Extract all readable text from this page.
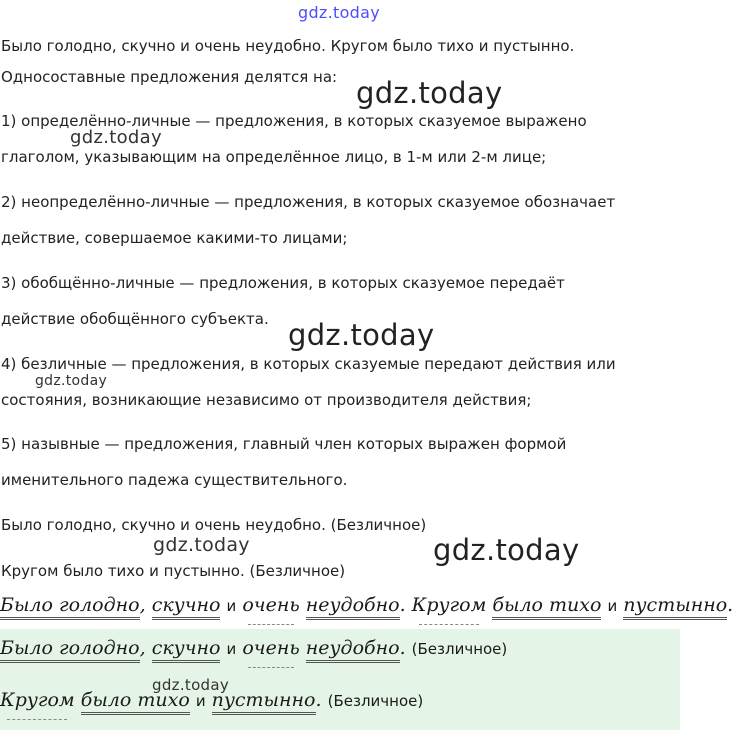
gdz.today
Было голодно, скучно и очень неудобно. Кругом было тихо и пустынно.
Односоставные предложения делятся на: gdz.today
1) определённо-личные — предложения, в которых сказуемое выражено
gdz.today
глаголом, указывающим на определённое лицо, в 1-м или 2-м лице;
2) неопределённо-личные — предложения, в которых сказуемое обозначает
действие, совершаемое какими-то лицами;
3) обобщённо-личные — предложения, в которых сказуемое передаёт
действие обобщённого субъекта. gdz.today
4) безличные — предложения, в которых сказуемые передают действия или
gdz.today
состояния, возникающие независимо от производителя действия;
5) назывные — предложения, главный член которых выражен формой
именительного падежа существительного.
Было голодно, скучно и очень неудобно. (Безличное)
gdz.today	gdz.today
Кругом было тихо и пустынно. (Безличное)
Было голодно, скучно и очень неудобно. Кругом было тихо и пустынно.
Было голодно, скучно и очень неудобно. (Безличное)
gdz.today
Кругом было тихо и пустынно. (Безличное)
